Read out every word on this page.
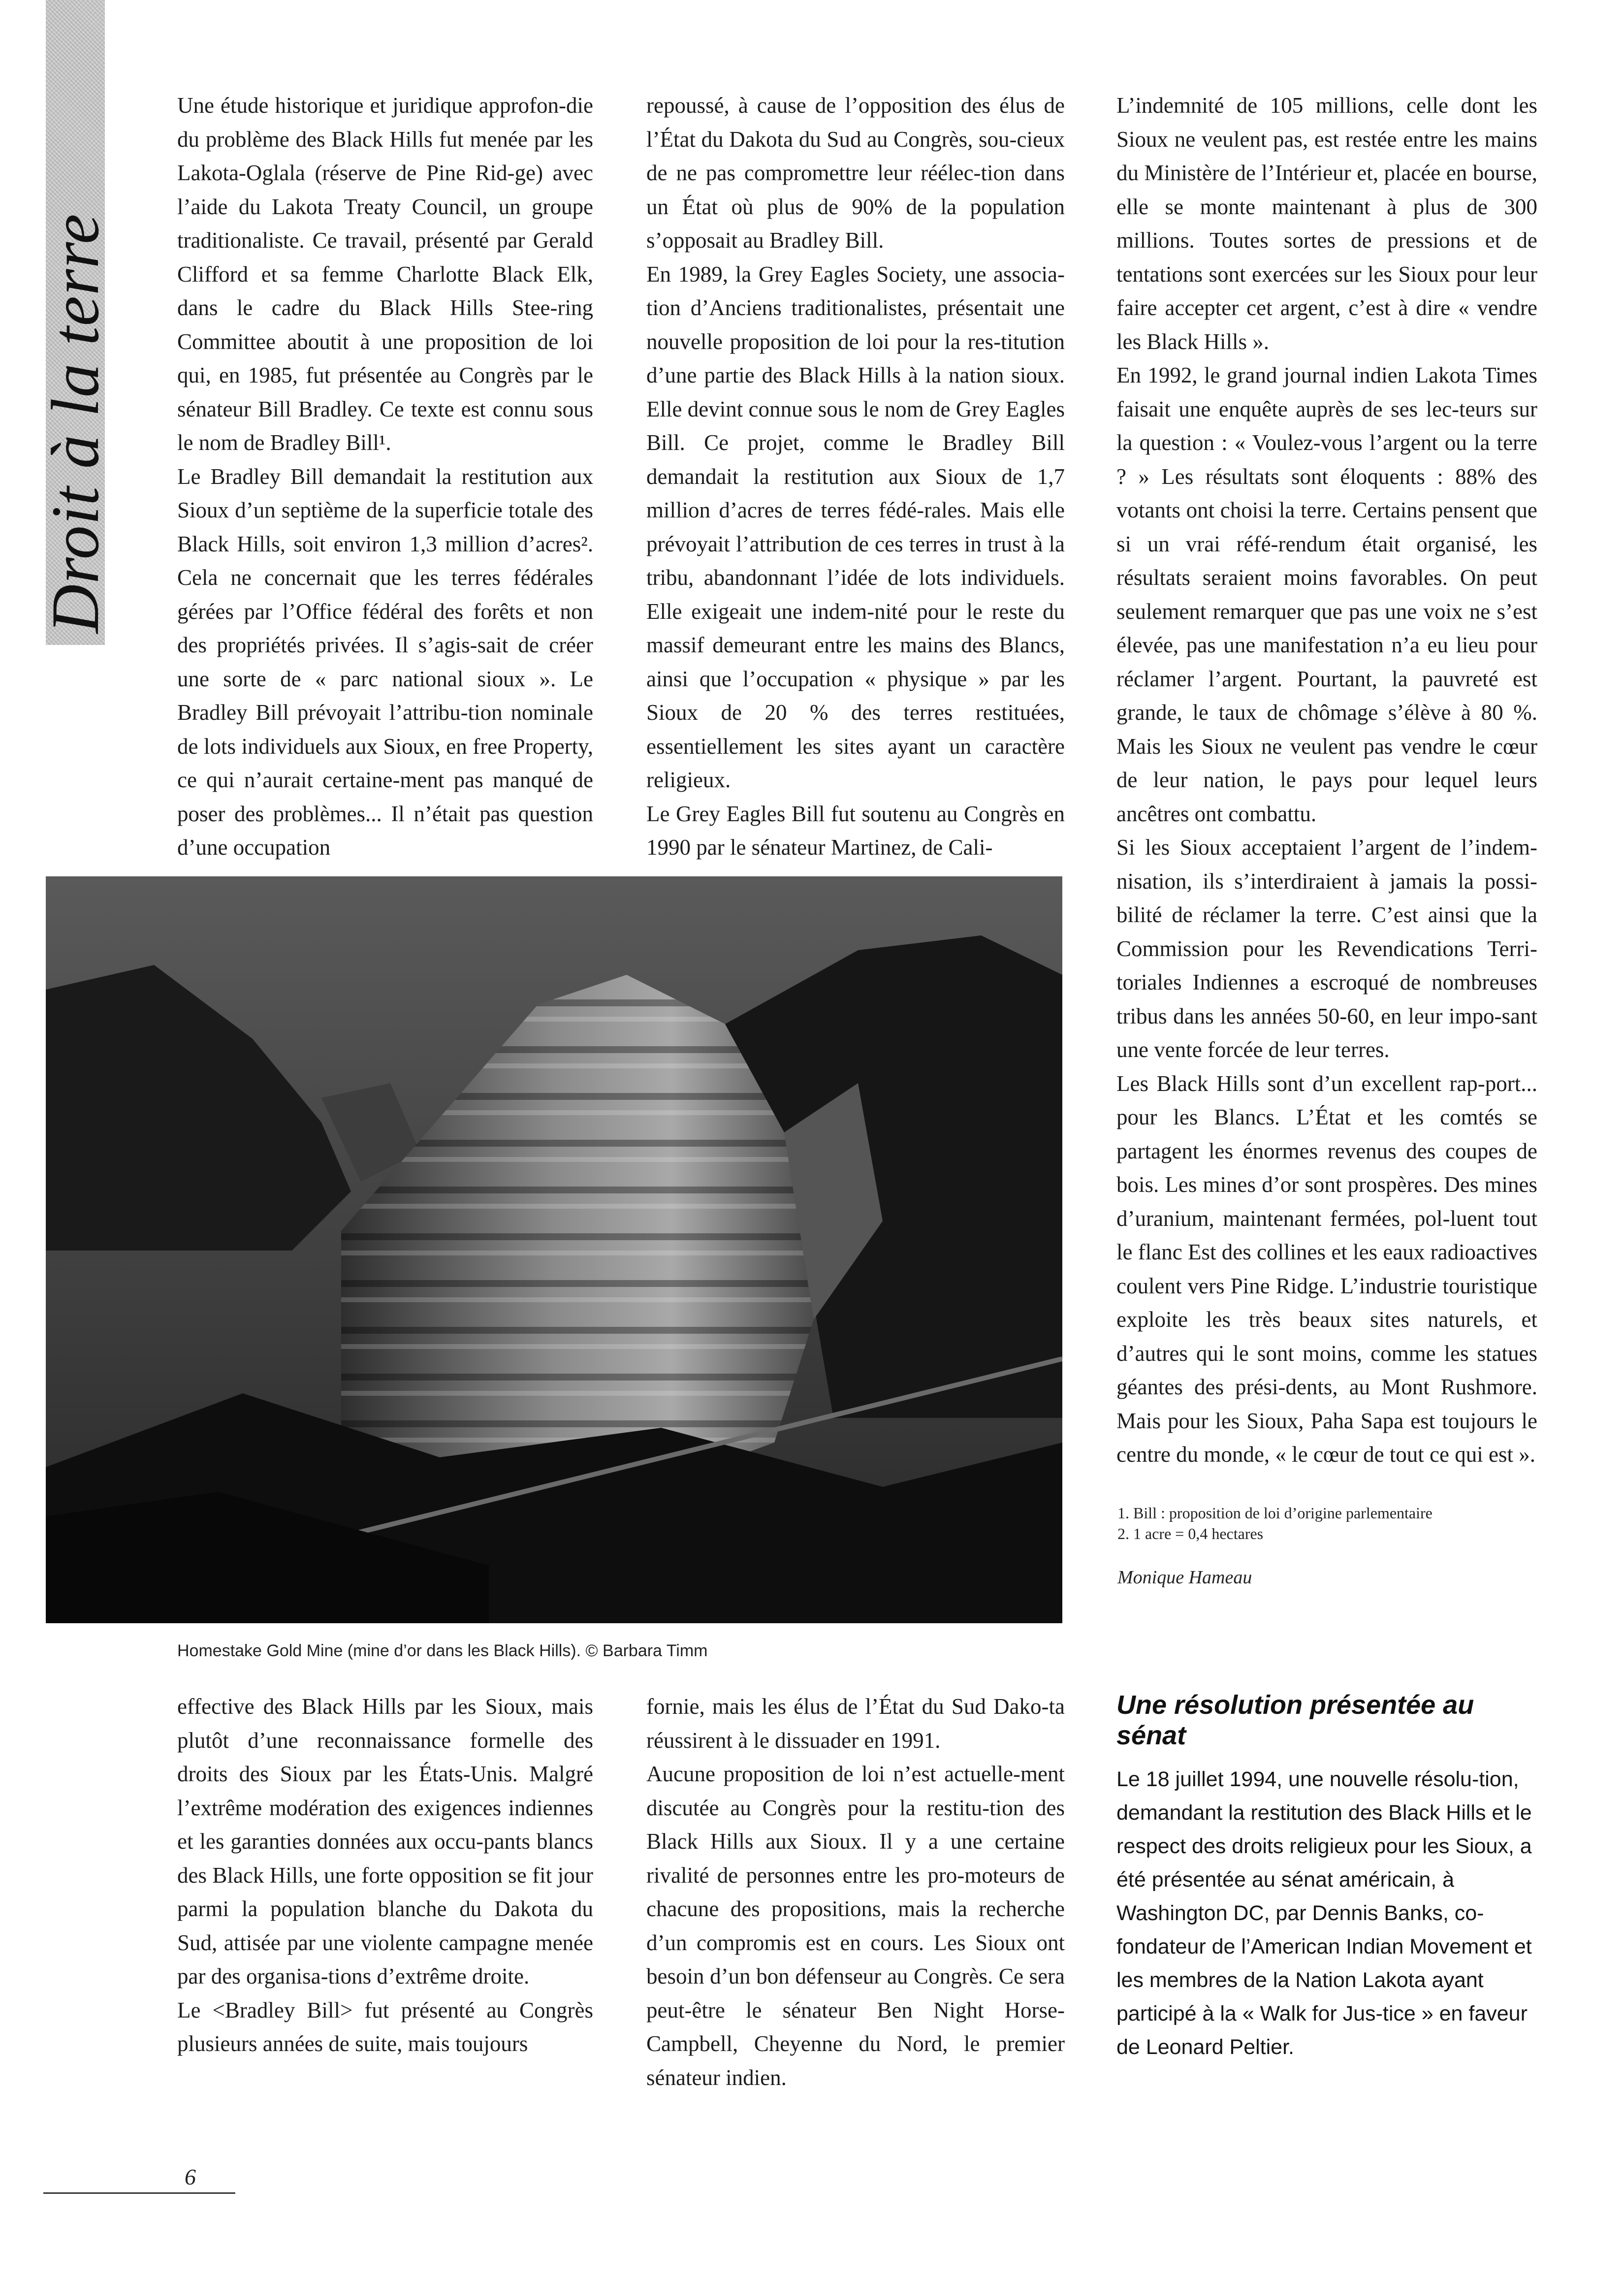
Droit à la terre

Une étude historique et juridique approfon-die du problème des Black Hills fut menée par les Lakota-Oglala (réserve de Pine Rid-ge) avec l’aide du Lakota Treaty Council, un groupe traditionaliste. Ce travail, présenté par Gerald Clifford et sa femme Charlotte Black Elk, dans le cadre du Black Hills Stee-ring Committee aboutit à une proposition de loi qui, en 1985, fut présentée au Congrès par le sénateur Bill Bradley. Ce texte est connu sous le nom de Bradley Bill¹.

Le Bradley Bill demandait la restitution aux Sioux d’un septième de la superficie totale des Black Hills, soit environ 1,3 million d’acres². Cela ne concernait que les terres fédérales gérées par l’Office fédéral des forêts et non des propriétés privées. Il s’agis-sait de créer une sorte de « parc national sioux ». Le Bradley Bill prévoyait l’attribu-tion nominale de lots individuels aux Sioux, en free Property, ce qui n’aurait certaine-ment pas manqué de poser des problèmes... Il n’était pas question d’une occupation

repoussé, à cause de l’opposition des élus de l’État du Dakota du Sud au Congrès, sou-cieux de ne pas compromettre leur réélec-tion dans un État où plus de 90% de la population s’opposait au Bradley Bill.

En 1989, la Grey Eagles Society, une associa-tion d’Anciens traditionalistes, présentait une nouvelle proposition de loi pour la res-titution d’une partie des Black Hills à la nation sioux. Elle devint connue sous le nom de Grey Eagles Bill. Ce projet, comme le Bradley Bill demandait la restitution aux Sioux de 1,7 million d’acres de terres fédé-rales. Mais elle prévoyait l’attribution de ces terres in trust à la tribu, abandonnant l’idée de lots individuels. Elle exigeait une indem-nité pour le reste du massif demeurant entre les mains des Blancs, ainsi que l’occupation « physique » par les Sioux de 20 % des terres restituées, essentiellement les sites ayant un caractère religieux.

Le Grey Eagles Bill fut soutenu au Congrès en 1990 par le sénateur Martinez, de Cali-

L’indemnité de 105 millions, celle dont les Sioux ne veulent pas, est restée entre les mains du Ministère de l’Intérieur et, placée en bourse, elle se monte maintenant à plus de 300 millions. Toutes sortes de pressions et de tentations sont exercées sur les Sioux pour leur faire accepter cet argent, c’est à dire « vendre les Black Hills ».

En 1992, le grand journal indien Lakota Times faisait une enquête auprès de ses lec-teurs sur la question : « Voulez-vous l’argent ou la terre ? » Les résultats sont éloquents : 88% des votants ont choisi la terre. Certains pensent que si un vrai réfé-rendum était organisé, les résultats seraient moins favorables. On peut seulement remarquer que pas une voix ne s’est élevée, pas une manifestation n’a eu lieu pour réclamer l’argent. Pourtant, la pauvreté est grande, le taux de chômage s’élève à 80 %. Mais les Sioux ne veulent pas vendre le cœur de leur nation, le pays pour lequel leurs ancêtres ont combattu.

Si les Sioux acceptaient l’argent de l’indem-nisation, ils s’interdiraient à jamais la possi-bilité de réclamer la terre. C’est ainsi que la Commission pour les Revendications Terri-toriales Indiennes a escroqué de nombreuses tribus dans les années 50-60, en leur impo-sant une vente forcée de leur terres.

Les Black Hills sont d’un excellent rap-port... pour les Blancs. L’État et les comtés se partagent les énormes revenus des coupes de bois. Les mines d’or sont prospères. Des mines d’uranium, maintenant fermées, pol-luent tout le flanc Est des collines et les eaux radioactives coulent vers Pine Ridge. L’industrie touristique exploite les très beaux sites naturels, et d’autres qui le sont moins, comme les statues géantes des prési-dents, au Mont Rushmore. Mais pour les Sioux, Paha Sapa est toujours le centre du monde, « le cœur de tout ce qui est ».

1. Bill : proposition de loi d’origine parlementaire

2. 1 acre = 0,4 hectares

Monique Hameau

Homestake Gold Mine (mine d’or dans les Black Hills). © Barbara Timm

effective des Black Hills par les Sioux, mais plutôt d’une reconnaissance formelle des droits des Sioux par les États-Unis. Malgré l’extrême modération des exigences indiennes et les garanties données aux occu-pants blancs des Black Hills, une forte opposition se fit jour parmi la population blanche du Dakota du Sud, attisée par une violente campagne menée par des organisa-tions d’extrême droite.

Le <Bradley Bill> fut présenté au Congrès plusieurs années de suite, mais toujours

fornie, mais les élus de l’État du Sud Dako-ta réussirent à le dissuader en 1991.

Aucune proposition de loi n’est actuelle-ment discutée au Congrès pour la restitu-tion des Black Hills aux Sioux. Il y a une certaine rivalité de personnes entre les pro-moteurs de chacune des propositions, mais la recherche d’un compromis est en cours. Les Sioux ont besoin d’un bon défenseur au Congrès. Ce sera peut-être le sénateur Ben Night Horse-Campbell, Cheyenne du Nord, le premier sénateur indien.

Une résolution présentée au sénat

Le 18 juillet 1994, une nouvelle résolu-tion, demandant la restitution des Black Hills et le respect des droits religieux pour les Sioux, a été présentée au sénat américain, à Washington DC, par Dennis Banks, co-fondateur de l’American Indian Movement et les membres de la Nation Lakota ayant participé à la « Walk for Jus-tice » en faveur de Leonard Peltier.

6
